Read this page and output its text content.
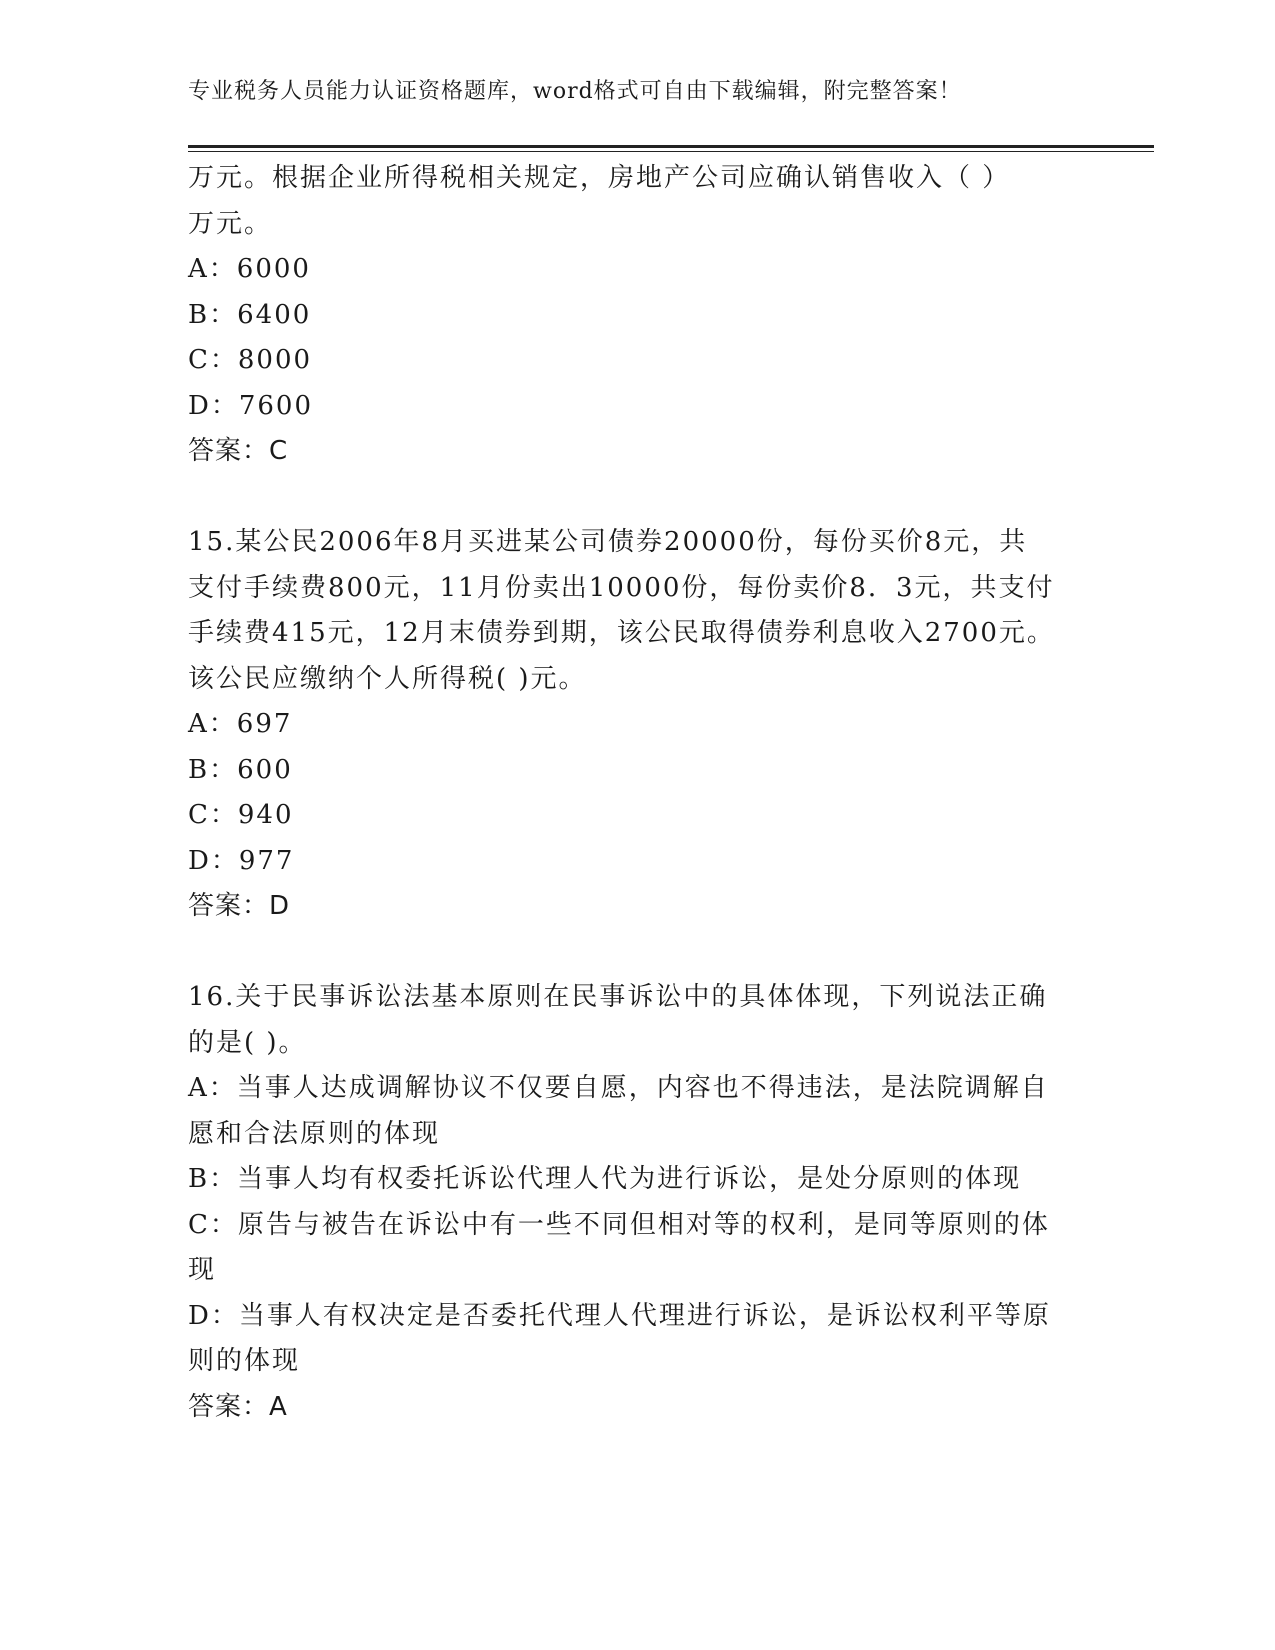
专业税务人员能力认证资格题库，word格式可自由下载编辑，附完整答案！
万元。根据企业所得税相关规定，房地产公司应确认销售收入（ ）
万元。
A：6000
B：6400
C：8000
D：7600
答案：C
15.某公民2006年8月买进某公司债券20000份，每份买价8元，共
支付手续费800元，11月份卖出10000份，每份卖价8．3元，共支付
手续费415元，12月末债券到期，该公民取得债券利息收入2700元。
该公民应缴纳个人所得税( )元。
A：697
B：600
C：940
D：977
答案：D
16.关于民事诉讼法基本原则在民事诉讼中的具体体现，下列说法正确
的是( )。
A：当事人达成调解协议不仅要自愿，内容也不得违法，是法院调解自
愿和合法原则的体现
B：当事人均有权委托诉讼代理人代为进行诉讼，是处分原则的体现
C：原告与被告在诉讼中有一些不同但相对等的权利，是同等原则的体
现
D：当事人有权决定是否委托代理人代理进行诉讼，是诉讼权利平等原
则的体现
答案：A
